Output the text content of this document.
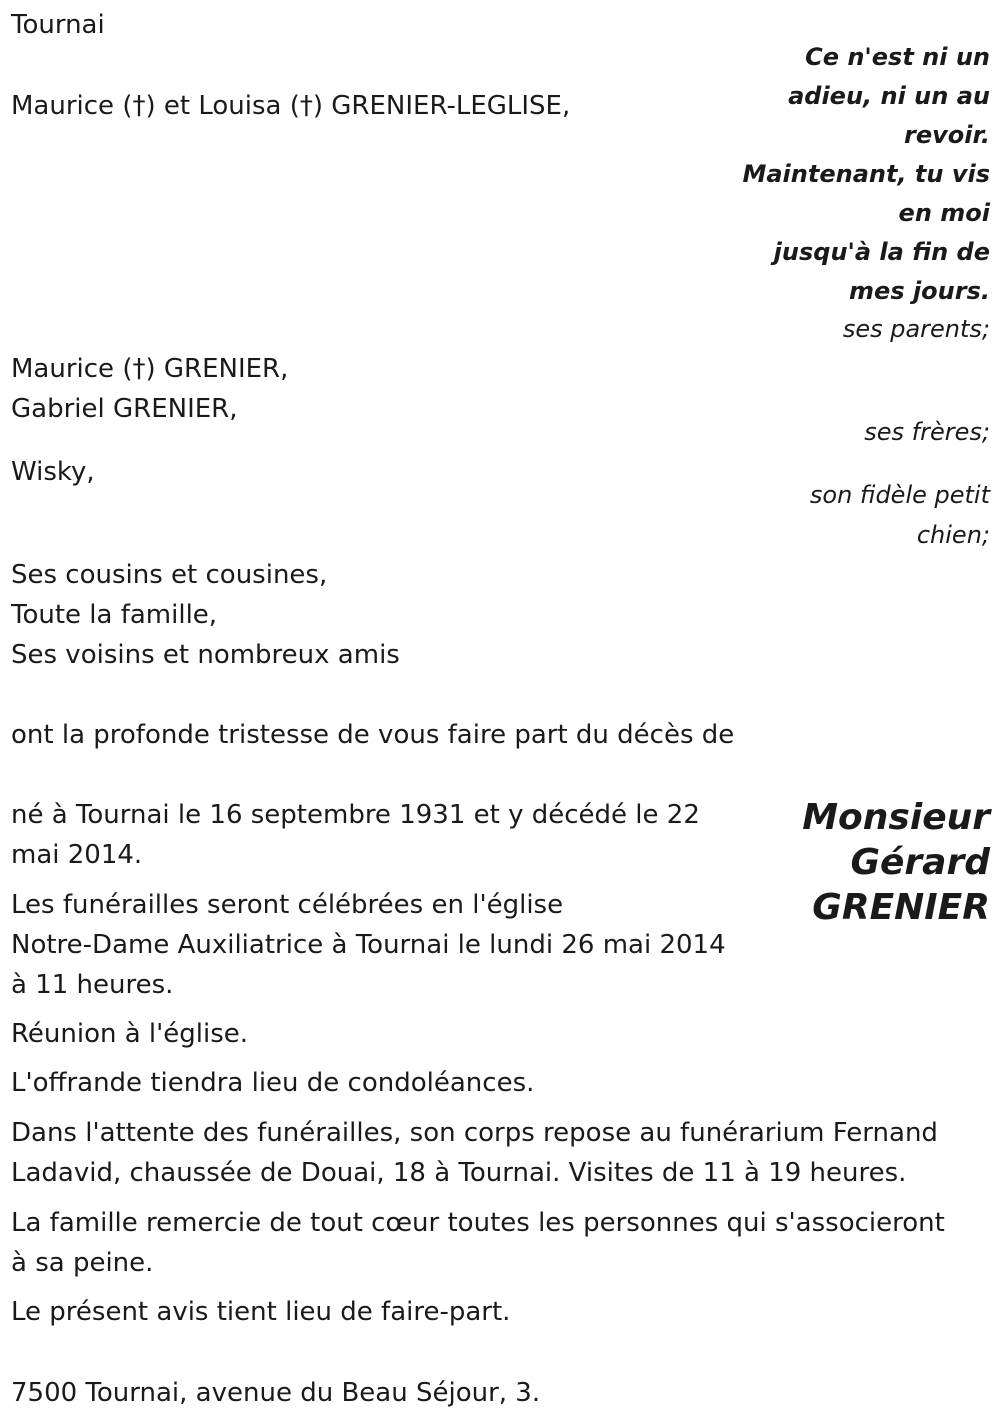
Tournai

Ce n'est ni un
adieu, ni un au
revoir.
Maintenant, tu vis
en moi
jusqu'à la fin de
mes jours.

Maurice (†) et Louisa (†) GRENIER-LEGLISE,

ses parents;

Maurice (†) GRENIER,

Gabriel GRENIER,

ses frères;

Wisky,

son fidèle petit

chien;

Ses cousins et cousines,

Toute la famille,

Ses voisins et nombreux amis

ont la profonde tristesse de vous faire part du décès de

Monsieur
Gérard
GRENIER

né à Tournai le 16 septembre 1931 et y décédé le 22

mai 2014.

Les funérailles seront célébrées en l'église

Notre-Dame Auxiliatrice à Tournai le lundi 26 mai 2014

à 11 heures.

Réunion à l'église.

L'offrande tiendra lieu de condoléances.

Dans l'attente des funérailles, son corps repose au funérarium Fernand

Ladavid, chaussée de Douai, 18 à Tournai. Visites de 11 à 19 heures.

La famille remercie de tout cœur toutes les personnes qui s'associeront

à sa peine.

Le présent avis tient lieu de faire-part.

7500 Tournai, avenue du Beau Séjour, 3.
